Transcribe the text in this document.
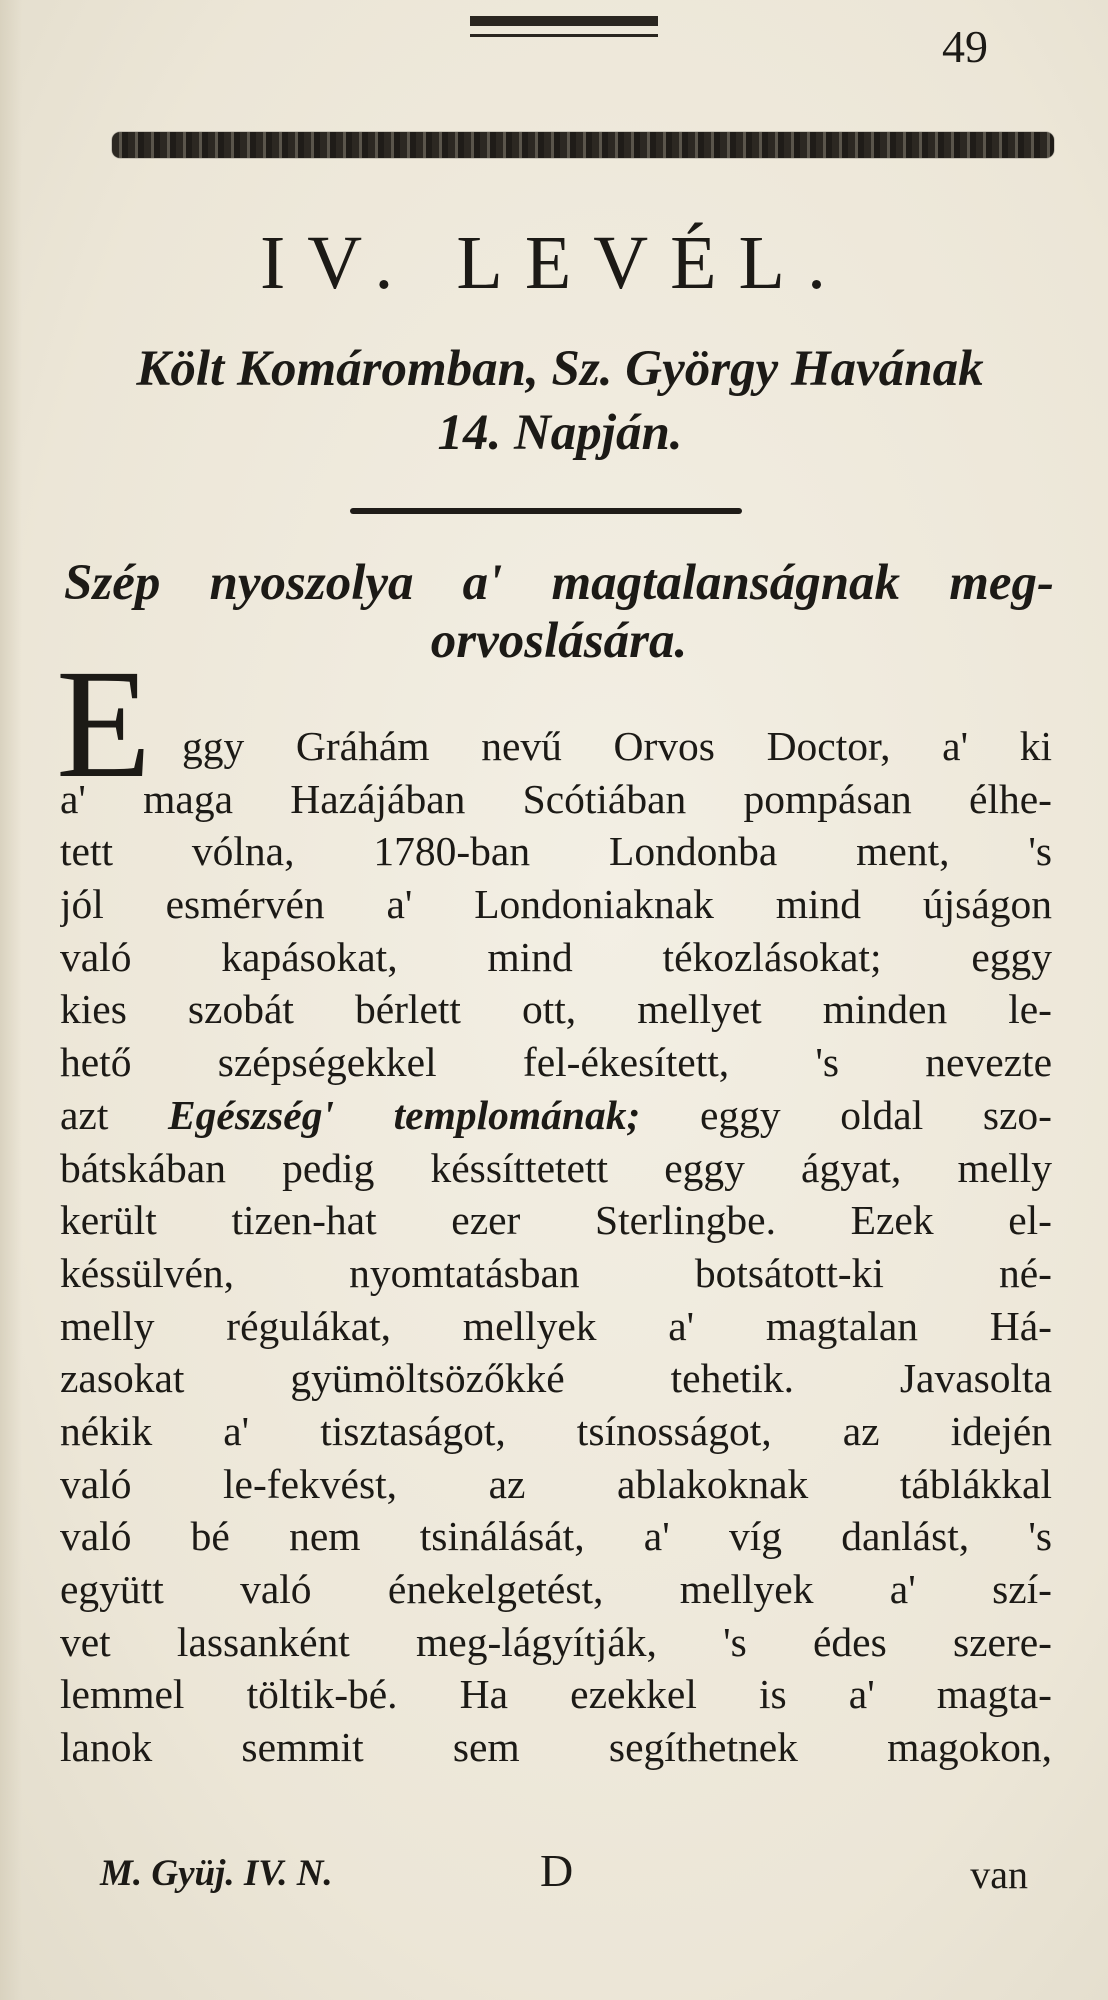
49
IV. LEVÉL.
Költ Komáromban, Sz. György Havának
14. Napján.
Szép nyoszolya a' magtalanságnak meg-
orvoslására.
E ggy Gráhám nevű Orvos Doctor, a' ki
a' maga Hazájában Scótiában pompásan élhe-
tett vólna, 1780-ban Londonba ment, 's
jól esmérvén a' Londoniaknak mind újságon
való kapásokat, mind tékozlásokat; eggy
kies szobát bérlett ott, mellyet minden le-
hető szépségekkel fel-ékesített, 's nevezte
azt Egészség' templomának; eggy oldal szo-
bátskában pedig késsíttetett eggy ágyat, melly
került tizen-hat ezer Sterlingbe. Ezek el-
késsülvén, nyomtatásban botsátott-ki né-
melly régulákat, mellyek a' magtalan Há-
zasokat gyümöltsözőkké tehetik. Javasolta
nékik a' tisztaságot, tsínosságot, az idején
való le-fekvést, az ablakoknak táblákkal
való bé nem tsinálását, a' víg danlást, 's
együtt való énekelgetést, mellyek a' szí-
vet lassanként meg-lágyítják, 's édes szere-
lemmel töltik-bé. Ha ezekkel is a' magta-
lanok semmit sem segíthetnek magokon,
M. Gyüj. IV. N.	D	van
